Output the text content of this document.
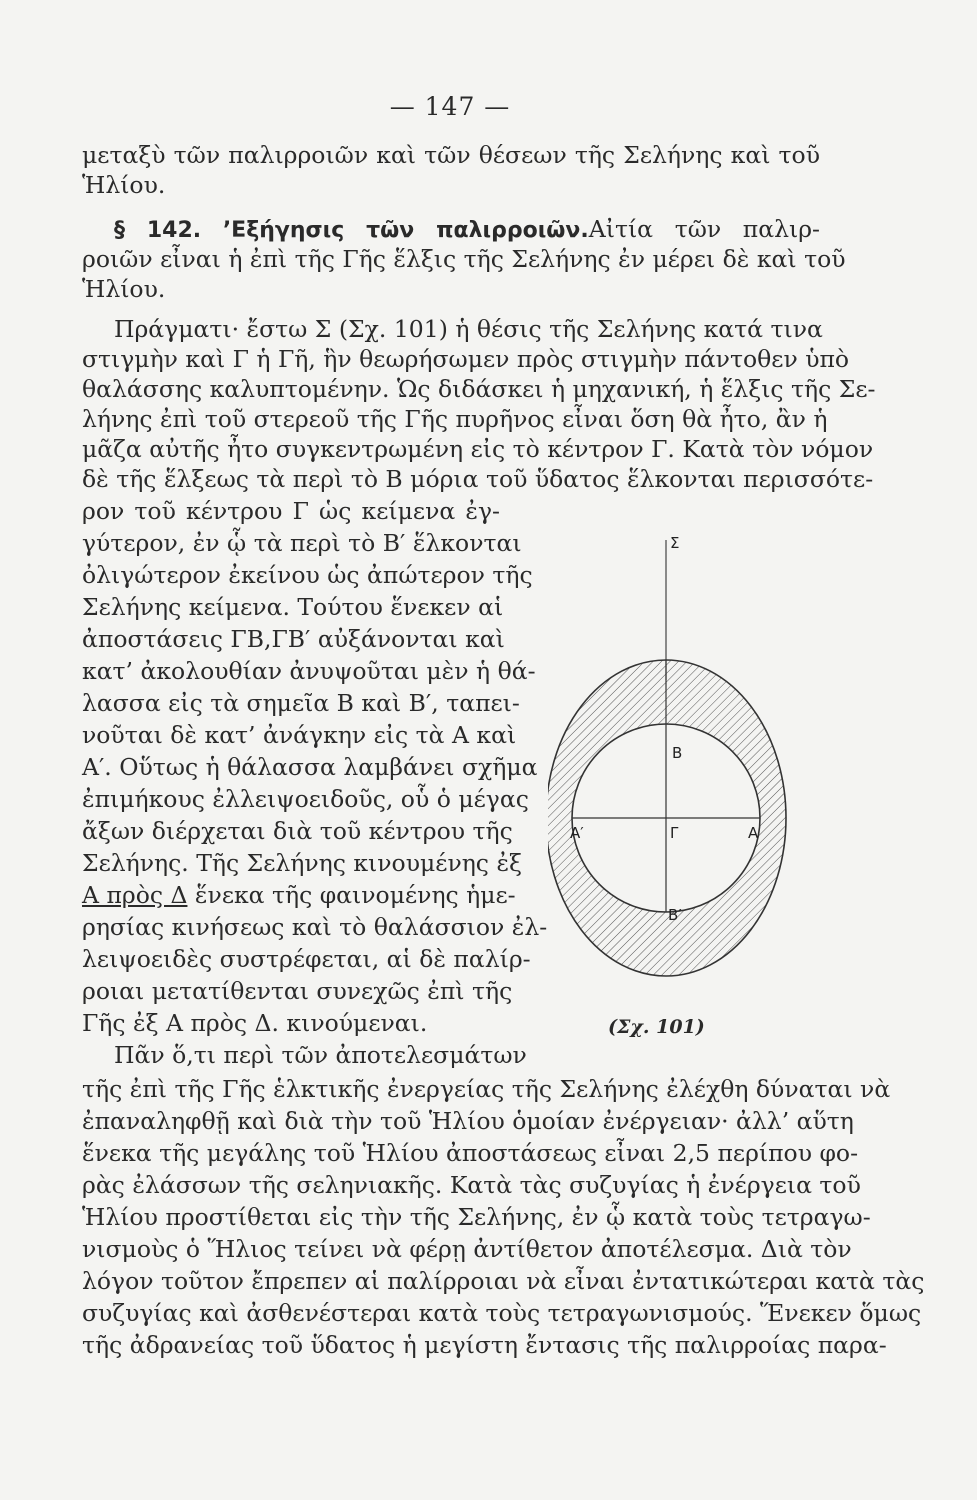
— 147 —
μεταξὺ τῶν παλιρροιῶν καὶ τῶν θέσεων τῆς Σελήνης καὶ τοῦ
Ἡλίου.
§ 142. ’Εξήγησις τῶν παλιρροιῶν.Αἰτία τῶν παλιρ-
ροιῶν εἶναι ἡ ἐπὶ τῆς Γῆς ἕλξις τῆς Σελήνης ἐν μέρει δὲ καὶ τοῦ
Ἡλίου.
Πράγματι· ἔστω Σ (Σχ. 101) ἡ θέσις τῆς Σελήνης κατά τινα
στιγμὴν καὶ Γ ἡ Γῆ, ἣν θεωρήσωμεν πρὸς στιγμὴν πάντοθεν ὑπὸ
θαλάσσης καλυπτομένην. Ὡς διδάσκει ἡ μηχανική, ἡ ἕλξις τῆς Σε-
λήνης ἐπὶ τοῦ στερεοῦ τῆς Γῆς πυρῆνος εἶναι ὅση θὰ ἦτο, ἂν ἡ
μᾶζα αὐτῆς ἦτο συγκεντρωμένη εἰς τὸ κέντρον Γ. Κατὰ τὸν νόμον
δὲ τῆς ἕλξεως τὰ περὶ τὸ Β μόρια τοῦ ὕδατος ἕλκονται περισσότε-
ρον τοῦ κέντρου Γ ὡς κείμενα ἐγ-
γύτερον, ἐν ᾧ τὰ περὶ τὸ Β′ ἕλκονται
ὀλιγώτερον ἐκείνου ὡς ἀπώτερον τῆς
Σελήνης κείμενα. Τούτου ἕνεκεν αἱ
ἀποστάσεις ΓΒ,ΓΒ′ αὐξάνονται καὶ
κατ’ ἀκολουθίαν ἀνυψοῦται μὲν ἡ θά-
λασσα εἰς τὰ σημεῖα Β καὶ Β′, ταπει-
νοῦται δὲ κατ’ ἀνάγκην εἰς τὰ Α καὶ
Α′. Οὕτως ἡ θάλασσα λαμβάνει σχῆμα
ἐπιμήκους ἐλλειψοειδοῦς, οὗ ὁ μέγας
ἄξων διέρχεται διὰ τοῦ κέντρου τῆς
Σελήνης. Τῆς Σελήνης κινουμένης ἐξ
Α πρὸς Δ ἕνεκα τῆς φαινομένης ἡμε-
ρησίας κινήσεως καὶ τὸ θαλάσσιον ἐλ-
λειψοειδὲς συστρέφεται, αἱ δὲ παλίρ-
ροιαι μετατίθενται συνεχῶς ἐπὶ τῆς
Γῆς ἐξ Α πρὸς Δ. κινούμεναι.
Πᾶν ὅ,τι περὶ τῶν ἀποτελεσμάτων
τῆς ἐπὶ τῆς Γῆς ἑλκτικῆς ἐνεργείας τῆς Σελήνης ἐλέχθη δύναται νὰ
ἐπαναληφθῇ καὶ διὰ τὴν τοῦ Ἡλίου ὁμοίαν ἐνέργειαν· ἀλλ’ αὕτη
ἕνεκα τῆς μεγάλης τοῦ Ἡλίου ἀποστάσεως εἶναι 2,5 περίπου φο-
ρὰς ἐλάσσων τῆς σεληνιακῆς. Κατὰ τὰς συζυγίας ἡ ἐνέργεια τοῦ
Ἡλίου προστίθεται εἰς τὴν τῆς Σελήνης, ἐν ᾧ κατὰ τοὺς τετραγω-
νισμοὺς ὁ Ἥλιος τείνει νὰ φέρῃ ἀντίθετον ἀποτέλεσμα. Διὰ τὸν
λόγον τοῦτον ἔπρεπεν αἱ παλίρροιαι νὰ εἶναι ἐντατικώτεραι κατὰ τὰς
συζυγίας καὶ ἀσθενέστεραι κατὰ τοὺς τετραγωνισμούς. Ἕνεκεν ὅμως
τῆς ἀδρανείας τοῦ ὕδατος ἡ μεγίστη ἔντασις τῆς παλιρροίας παρα-
Σ
Β
Γ	Α
Α′
Β′
(Σχ. 101)
